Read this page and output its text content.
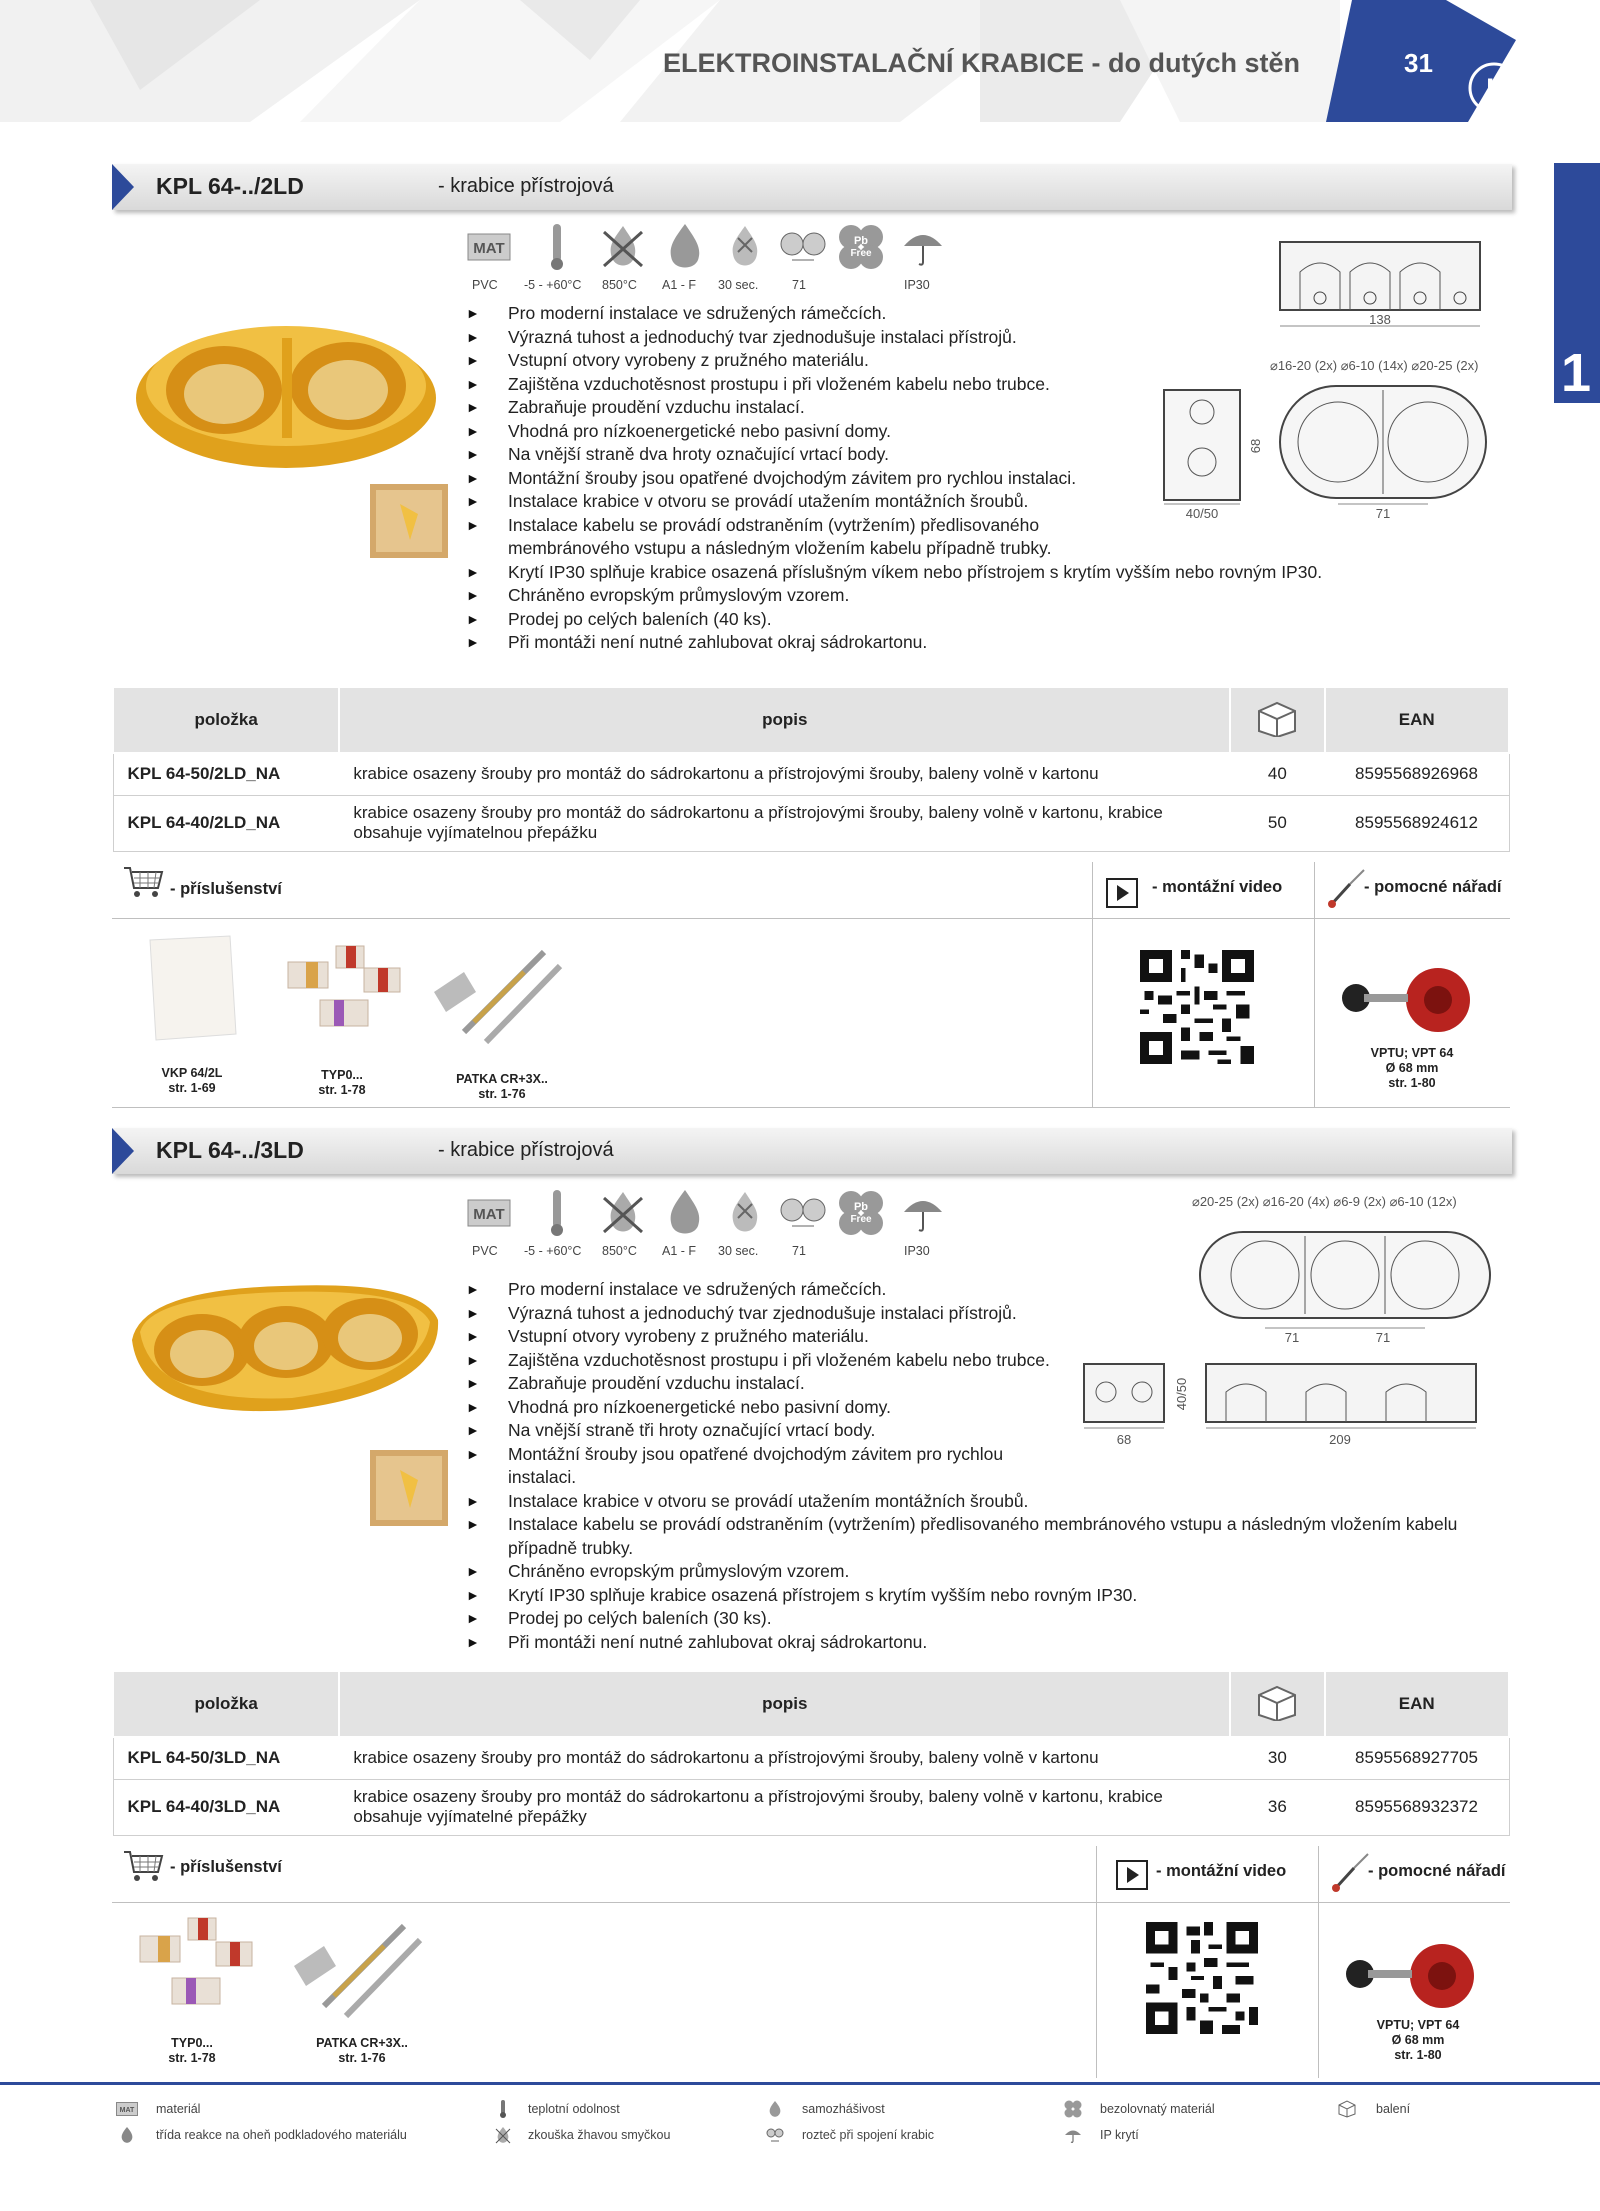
ELEKTROINSTALAČNÍ KRABICE - do dutých stěn
K
31
1
KPL 64-../2LD	- krabice přístrojová
MAT	Pb
Free
PVC -5 - +60°C 850°C A1 - F 30 sec.	71	IP30
► Pro moderní instalace ve sdružených rámečcích.
► Výrazná tuhost a jednoduchý tvar zjednodušuje instalaci přístrojů.
► Vstupní otvory vyrobeny z pružného materiálu.
► Zajištěna vzduchotěsnost prostupu i při vloženém kabelu nebo trubce.
► Zabraňuje proudění vzduchu instalací.
► Vhodná pro nízkoenergetické nebo pasivní domy.
► Na vnější straně dva hroty označující vrtací body.
► Montážní šrouby jsou opatřené dvojchodým závitem pro rychlou instalaci.
► Instalace krabice v otvoru se provádí utažením montážních šroubů.
► Instalace kabelu se provádí odstraněním (vytržením) předlisovaného membránového vstupu a následným vložením kabelu případně trubky.
► Krytí IP30 splňuje krabice osazená příslušným víkem nebo přístrojem s krytím vyšším nebo rovným IP30.
► Chráněno evropským průmyslovým vzorem.
► Prodej po celých baleních (40 ks).
► Při montáži není nutné zahlubovat okraj sádrokartonu.
138
⌀16-20 (2x) ⌀6-10 (14x) ⌀20-25 (2x)
68
40/50	71
položka	popis		EAN
KPL 64-50/2LD_NA	krabice osazeny šrouby pro montáž do sádrokartonu a přístrojovými šrouby, baleny volně v kartonu	40	8595568926968
KPL 64-40/2LD_NA	krabice osazeny šrouby pro montáž do sádrokartonu a přístrojovými šrouby, baleny volně v kartonu, krabice obsahuje vyjímatelnou přepážku	50	8595568924612
- příslušenství	- montážní video	- pomocné nářadí
VKP 64/2L
str. 1-69
TYP0...
str. 1-78
PATKA CR+3X..
str. 1-76
VPTU; VPT 64
Ø 68 mm
str. 1-80
KPL 64-../3LD	- krabice přístrojová
MAT	Pb
Free
PVC -5 - +60°C 850°C A1 - F 30 sec.	71	IP30
► Pro moderní instalace ve sdružených rámečcích.
► Výrazná tuhost a jednoduchý tvar zjednodušuje instalaci přístrojů.
► Vstupní otvory vyrobeny z pružného materiálu.
► Zajištěna vzduchotěsnost prostupu i při vloženém kabelu nebo trubce.
► Zabraňuje proudění vzduchu instalací.
► Vhodná pro nízkoenergetické nebo pasivní domy.
► Na vnější straně tři hroty označující vrtací body.
► Montážní šrouby jsou opatřené dvojchodým závitem pro rychlou instalaci.
► Instalace krabice v otvoru se provádí utažením montážních šroubů.
► Instalace kabelu se provádí odstraněním (vytržením) předlisovaného membránového vstupu a následným vložením kabelu případně trubky.
► Chráněno evropským průmyslovým vzorem.
► Krytí IP30 splňuje krabice osazená přístrojem s krytím vyšším nebo rovným IP30.
► Prodej po celých baleních (30 ks).
► Při montáži není nutné zahlubovat okraj sádrokartonu.
⌀20-25 (2x) ⌀16-20 (4x) ⌀6-9 (2x) ⌀6-10 (12x)
71	71
40/50
68	209
položka	popis		EAN
KPL 64-50/3LD_NA	krabice osazeny šrouby pro montáž do sádrokartonu a přístrojovými šrouby, baleny volně v kartonu	30	8595568927705
KPL 64-40/3LD_NA	krabice osazeny šrouby pro montáž do sádrokartonu a přístrojovými šrouby, baleny volně v kartonu, krabice obsahuje vyjímatelné přepážky	36	8595568932372
- příslušenství	- montážní video	- pomocné nářadí
TYP0...
str. 1-78
PATKA CR+3X..
str. 1-76
VPTU; VPT 64
Ø 68 mm
str. 1-80
MAT materiál	teplotní odolnost	samozhášivost	bezolovnatý materiál	balení
třída reakce na oheň podkladového materiálu	zkouška žhavou smyčkou	rozteč při spojení krabic	IP krytí
